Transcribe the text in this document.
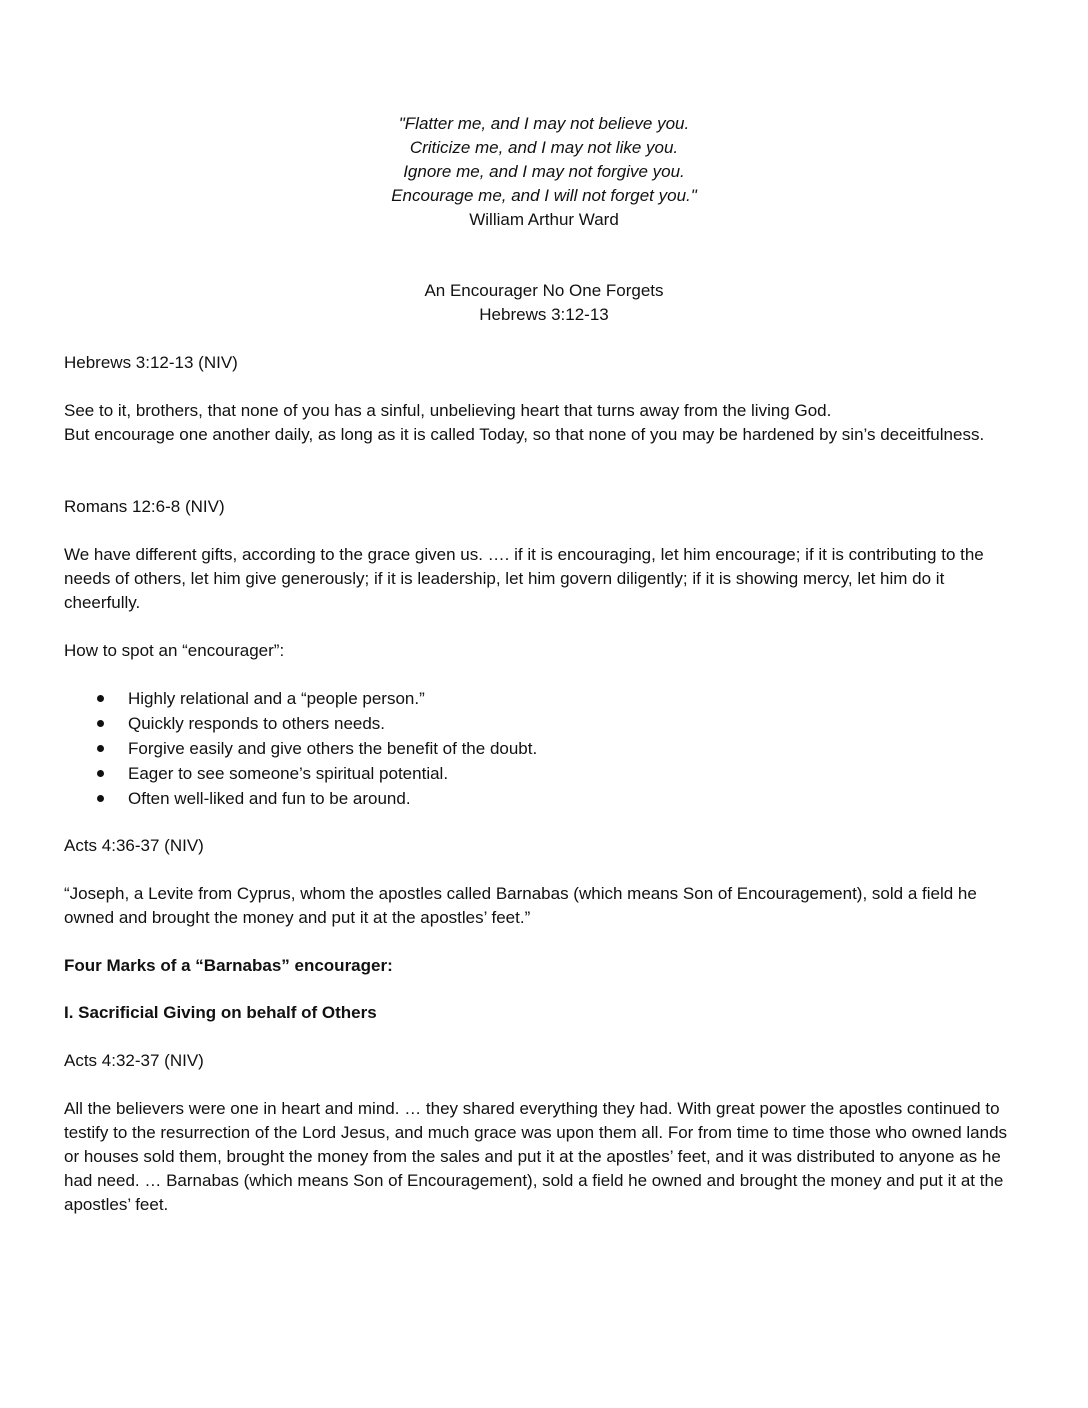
"Flatter me, and I may not believe you.
Criticize me, and I may not like you.
Ignore me, and I may not forgive you.
Encourage me, and I will not forget you."
William Arthur Ward
An Encourager No One Forgets
Hebrews 3:12-13
Hebrews 3:12-13 (NIV)

See to it, brothers, that none of you has a sinful, unbelieving heart that turns away from the living God.

But encourage one another daily, as long as it is called Today, so that none of you may be hardened by sin’s deceitfulness.

Romans 12:6-8 (NIV)

We have different gifts, according to the grace given us. …. if it is encouraging, let him encourage; if it is contributing to the needs of others, let him give generously; if it is leadership, let him govern diligently; if it is showing mercy, let him do it cheerfully.

How to spot an “encourager”:
Highly relational and a “people person.”
Quickly responds to others needs.
Forgive easily and give others the benefit of the doubt.
Eager to see someone’s spiritual potential.
Often well-liked and fun to be around.
Acts 4:36-37 (NIV)

“Joseph, a Levite from Cyprus, whom the apostles called Barnabas (which means Son of Encouragement), sold a field he owned and brought the money and put it at the apostles’ feet.”

Four Marks of a “Barnabas” encourager:
I. Sacrificial Giving on behalf of Others
Acts 4:32-37 (NIV)

All the believers were one in heart and mind. … they shared everything they had. With great power the apostles continued to testify to the resurrection of the Lord Jesus, and much grace was upon them all. For from time to time those who owned lands or houses sold them, brought the money from the sales and put it at the apostles’ feet, and it was distributed to anyone as he had need. … Barnabas (which means Son of Encouragement), sold a field he owned and brought the money and put it at the apostles’ feet.
